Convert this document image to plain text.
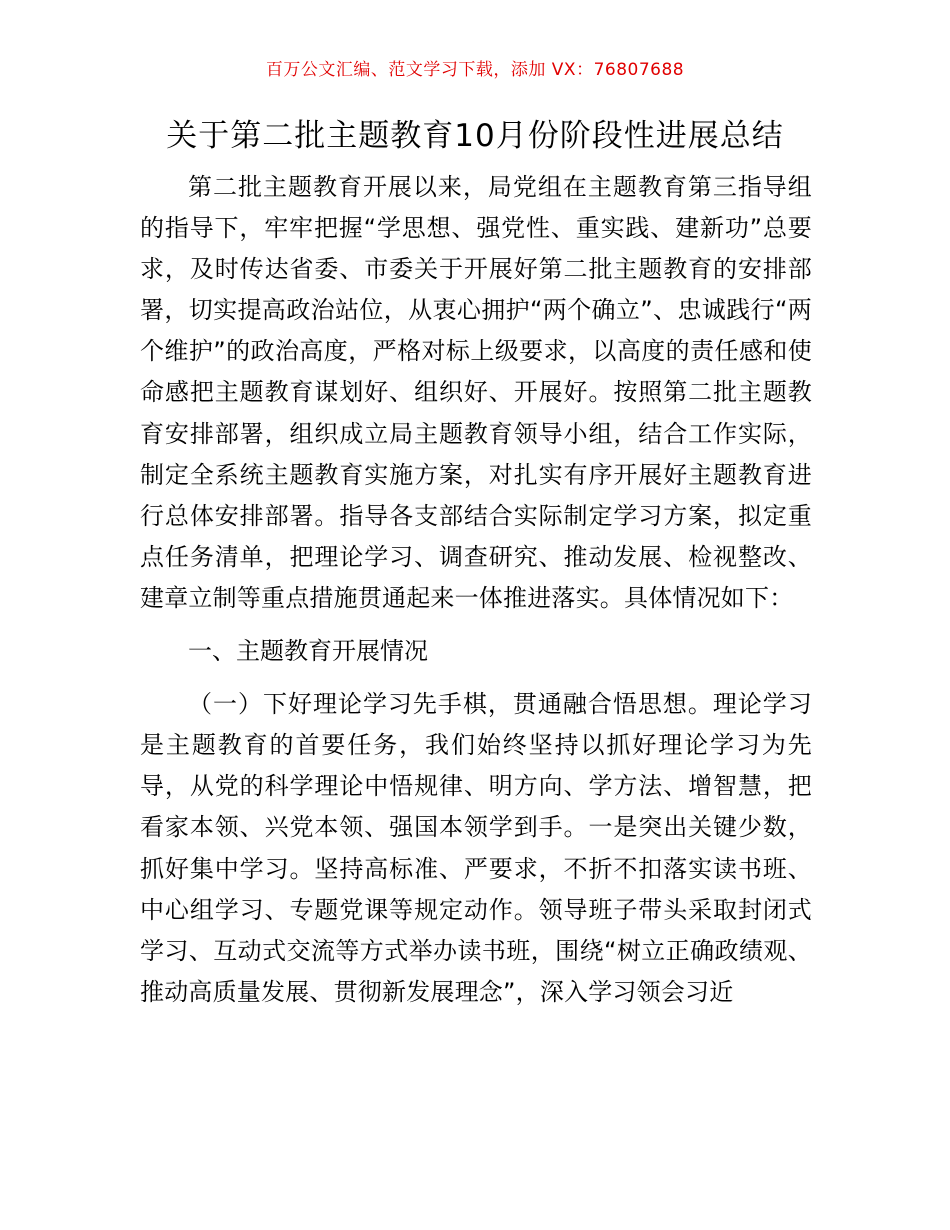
百万公文汇编、范文学习下载，添加 VX：76807688
关于第二批主题教育10月份阶段性进展总结

第二批主题教育开展以来，局党组在主题教育第三指导组的指导下，牢牢把握“学思想、强党性、重实践、建新功”总要求，及时传达省委、市委关于开展好第二批主题教育的安排部署，切实提高政治站位，从衷心拥护“两个确立”、忠诚践行“两个维护”的政治高度，严格对标上级要求，以高度的责任感和使命感把主题教育谋划好、组织好、开展好。按照第二批主题教育安排部署，组织成立局主题教育领导小组，结合工作实际，制定全系统主题教育实施方案，对扎实有序开展好主题教育进行总体安排部署。指导各支部结合实际制定学习方案，拟定重点任务清单，把理论学习、调查研究、推动发展、检视整改、建章立制等重点措施贯通起来一体推进落实。具体情况如下：

一、主题教育开展情况

（一）下好理论学习先手棋，贯通融合悟思想。理论学习是主题教育的首要任务，我们始终坚持以抓好理论学习为先导，从党的科学理论中悟规律、明方向、学方法、增智慧，把看家本领、兴党本领、强国本领学到手。一是突出关键少数，抓好集中学习。坚持高标准、严要求，不折不扣落实读书班、中心组学习、专题党课等规定动作。领导班子带头采取封闭式学习、互动式交流等方式举办读书班，围绕“树立正确政绩观、推动高质量发展、贯彻新发展理念”，深入学习领会习近
